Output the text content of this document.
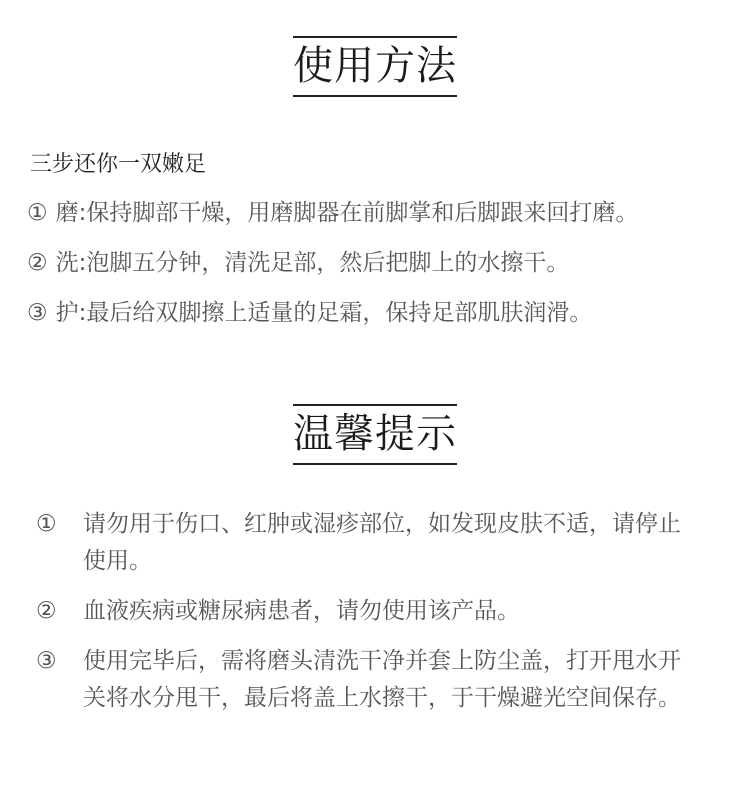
使用方法
三步还你一双嫩足
① 磨:保持脚部干燥，用磨脚器在前脚掌和后脚跟来回打磨。
② 洗:泡脚五分钟，清洗足部，然后把脚上的水擦干。
③ 护:最后给双脚擦上适量的足霜，保持足部肌肤润滑。
温馨提示
①	请勿用于伤口、红肿或湿疹部位，如发现皮肤不适，请停止使用。
②	血液疾病或糖尿病患者，请勿使用该产品。
③	使用完毕后，需将磨头清洗干净并套上防尘盖，打开甩水开关将水分甩干，最后将盖上水擦干，于干燥避光空间保存。
